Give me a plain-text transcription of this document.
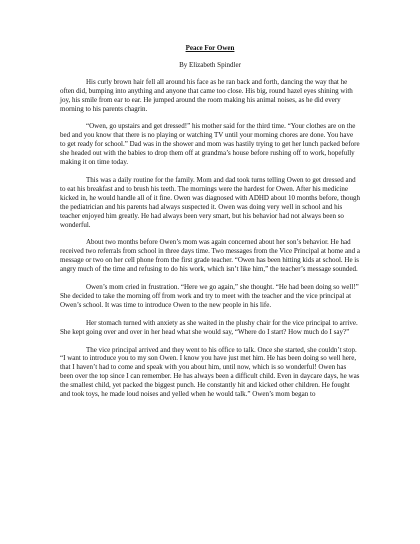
Peace For Owen

By Elizabeth Spindler

His curly brown hair fell all around his face as he ran back and forth, dancing the way that he often did, bumping into anything and anyone that came too close. His big, round hazel eyes shining with joy, his smile from ear to ear. He jumped around the room making his animal noises, as he did every morning to his parents chagrin.

“Owen, go upstairs and get dressed!” his mother said for the third time. “Your clothes are on the bed and you know that there is no playing or watching TV until your morning chores are done. You have to get ready for school.” Dad was in the shower and mom was hastily trying to get her lunch packed before she headed out with the babies to drop them off at grandma’s house before rushing off to work, hopefully making it on time today.

This was a daily routine for the family. Mom and dad took turns telling Owen to get dressed and to eat his breakfast and to brush his teeth. The mornings were the hardest for Owen. After his medicine kicked in, he would handle all of it fine. Owen was diagnosed with ADHD about 10 months before, though the pediatrician and his parents had always suspected it. Owen was doing very well in school and his teacher enjoyed him greatly. He had always been very smart, but his behavior had not always been so wonderful.

About two months before Owen’s mom was again concerned about her son’s behavior. He had received two referrals from school in three days time. Two messages from the Vice Principal at home and a message or two on her cell phone from the first grade teacher. “Owen has been hitting kids at school. He is angry much of the time and refusing to do his work, which isn’t like him,” the teacher’s message sounded.

Owen’s mom cried in frustration. “Here we go again,” she thought. “He had been doing so well!” She decided to take the morning off from work and try to meet with the teacher and the vice principal at Owen’s school. It was time to introduce Owen to the new people in his life.

Her stomach turned with anxiety as she waited in the plushy chair for the vice principal to arrive. She kept going over and over in her head what she would say, “Where do I start? How much do I say?”

The vice principal arrived and they went to his office to talk. Once she started, she couldn’t stop. “I want to introduce you to my son Owen. I know you have just met him. He has been doing so well here, that I haven’t had to come and speak with you about him, until now, which is so wonderful! Owen has been over the top since I can remember. He has always been a difficult child. Even in daycare days, he was the smallest child, yet packed the biggest punch. He constantly hit and kicked other children. He fought and took toys, he made loud noises and yelled when he would talk.” Owen’s mom began to
